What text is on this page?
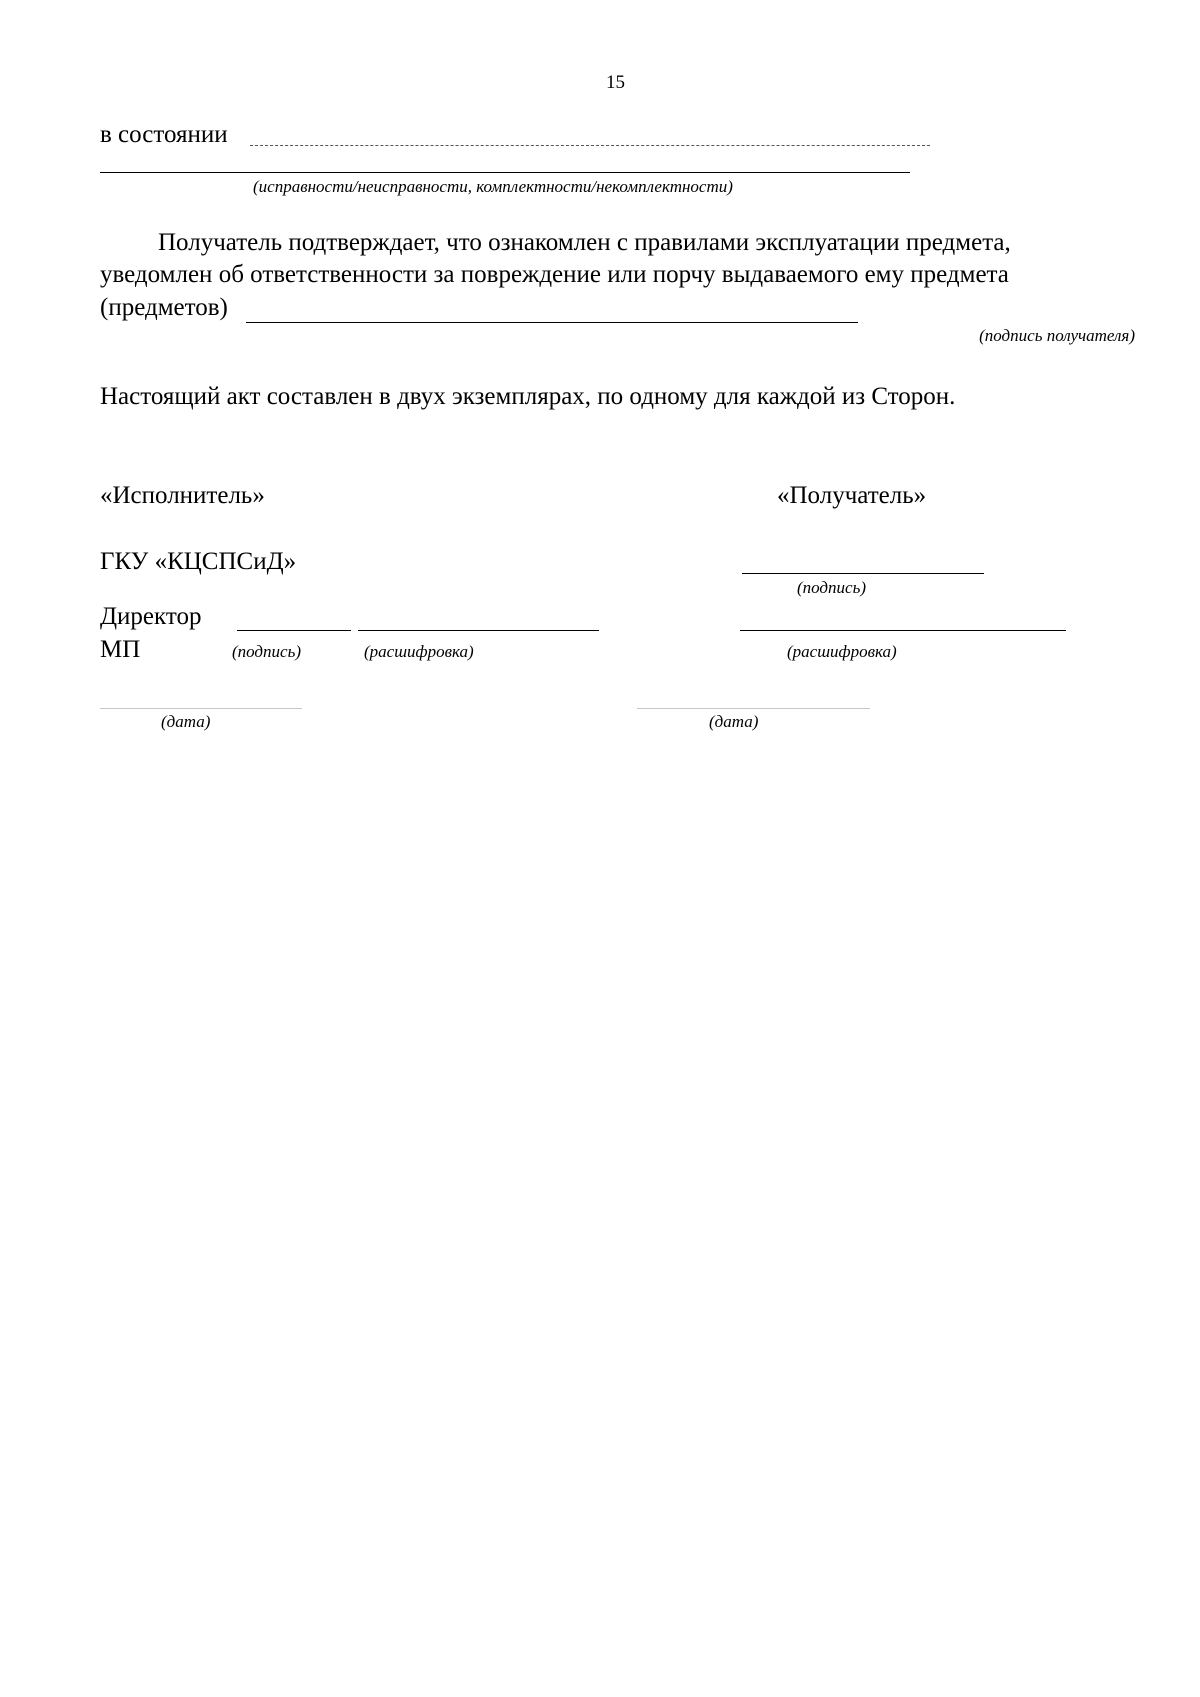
15
в состоянии
(исправности/неисправности, комплектности/некомплектности)
Получатель подтверждает, что ознакомлен с правилами эксплуатации предмета,
уведомлен об ответственности за повреждение или порчу выдаваемого ему предмета
(предметов)
(подпись получателя)
Настоящий акт составлен в двух экземплярах, по одному для каждой из Сторон.
«Исполнитель»	«Получатель»
ГКУ «КЦСПСиД»
(подпись)
Директор
МП	(подпись)	(расшифровка)	(расшифровка)
(дата)	(дата)
